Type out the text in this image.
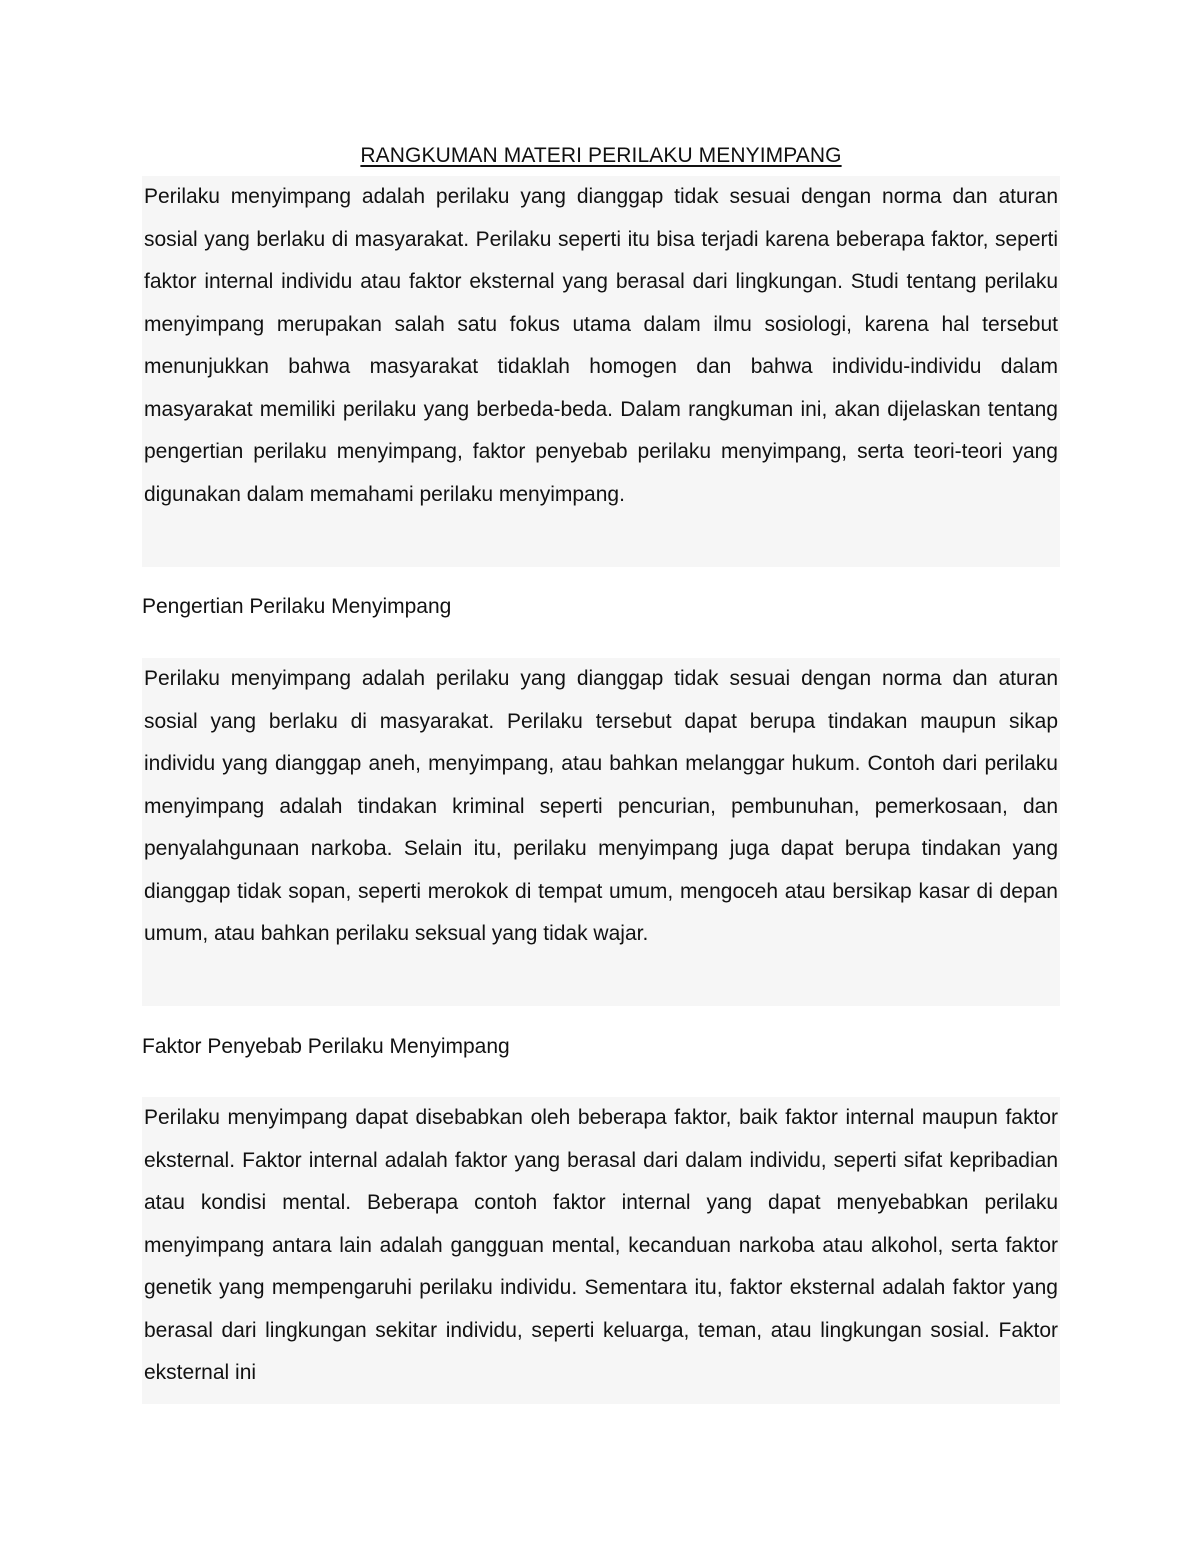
RANGKUMAN MATERI PERILAKU MENYIMPANG

Perilaku menyimpang adalah perilaku yang dianggap tidak sesuai dengan norma dan aturan sosial yang berlaku di masyarakat. Perilaku seperti itu bisa terjadi karena beberapa faktor, seperti faktor internal individu atau faktor eksternal yang berasal dari lingkungan. Studi tentang perilaku menyimpang merupakan salah satu fokus utama dalam ilmu sosiologi, karena hal tersebut menunjukkan bahwa masyarakat tidaklah homogen dan bahwa individu-individu dalam masyarakat memiliki perilaku yang berbeda-beda. Dalam rangkuman ini, akan dijelaskan tentang pengertian perilaku menyimpang, faktor penyebab perilaku menyimpang, serta teori-teori yang digunakan dalam memahami perilaku menyimpang.

Pengertian Perilaku Menyimpang

Perilaku menyimpang adalah perilaku yang dianggap tidak sesuai dengan norma dan aturan sosial yang berlaku di masyarakat. Perilaku tersebut dapat berupa tindakan maupun sikap individu yang dianggap aneh, menyimpang, atau bahkan melanggar hukum. Contoh dari perilaku menyimpang adalah tindakan kriminal seperti pencurian, pembunuhan, pemerkosaan, dan penyalahgunaan narkoba. Selain itu, perilaku menyimpang juga dapat berupa tindakan yang dianggap tidak sopan, seperti merokok di tempat umum, mengoceh atau bersikap kasar di depan umum, atau bahkan perilaku seksual yang tidak wajar.

Faktor Penyebab Perilaku Menyimpang

Perilaku menyimpang dapat disebabkan oleh beberapa faktor, baik faktor internal maupun faktor eksternal. Faktor internal adalah faktor yang berasal dari dalam individu, seperti sifat kepribadian atau kondisi mental. Beberapa contoh faktor internal yang dapat menyebabkan perilaku menyimpang antara lain adalah gangguan mental, kecanduan narkoba atau alkohol, serta faktor genetik yang mempengaruhi perilaku individu. Sementara itu, faktor eksternal adalah faktor yang berasal dari lingkungan sekitar individu, seperti keluarga, teman, atau lingkungan sosial. Faktor eksternal ini
